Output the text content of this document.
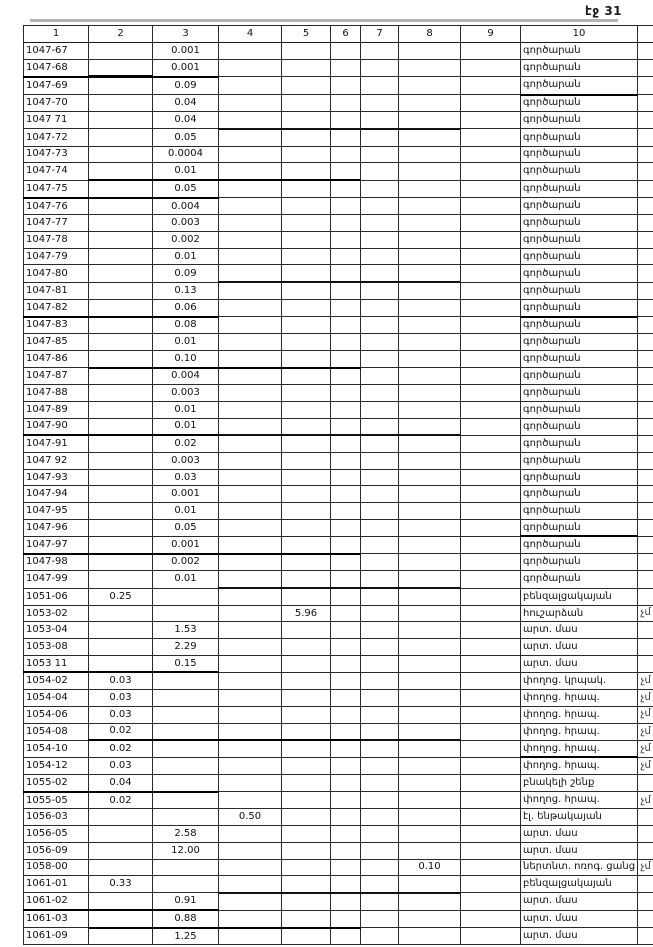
էջ 31
1	2	3	4	5	6	7	8	9	10	
1047-67		0.001							գործարան	
1047-68		0.001							գործարան	
1047-69		0.09							գործարան	
1047-70		0.04							գործարան	
1047 71		0.04							գործարան	
1047-72		0.05							գործարան	
1047-73		0.0004							գործարան	
1047-74		0.01							գործարան	
1047-75		0.05							գործարան	
1047-76		0.004							գործարան	
1047-77		0.003							գործարան	
1047-78		0.002							գործարան	
1047-79		0.01							գործարան	
1047-80		0.09							գործարան	
1047-81		0.13							գործարան	
1047-82		0.06							գործարան	
1047-83		0.08							գործարան	
1047-85		0.01							գործարան	
1047-86		0.10							գործարան	
1047-87		0.004							գործարան	
1047-88		0.003							գործարան	
1047-89		0.01							գործարան	
1047-90		0.01							գործարան	
1047-91		0.02							գործարան	
1047 92		0.003							գործարան	
1047-93		0.03							գործարան	
1047-94		0.001							գործարան	
1047-95		0.01							գործարան	
1047-96		0.05							գործարան	
1047-97		0.001							գործարան	
1047-98		0.002							գործարան	
1047-99		0.01							գործարան	
1051-06	0.25								բենզալցակայան	
1053-02				5.96					հուշարձան	չմ
1053-04		1.53							արտ. մաս	
1053-08		2.29							արտ. մաս	
1053 11		0.15							արտ. մաս	
1054-02	0.03								փողոց. կրպակ.	չմ
1054-04	0.03								փողոց. հրապ.	չմ
1054-06	0.03								փողոց. հրապ.	չմ
1054-08	0.02								փողոց. հրապ.	չմ
1054-10	0.02								փողոց. հրապ.	չմ
1054-12	0.03								փողոց. հրապ.	չմ
1055-02	0.04								բնակելի շենք	
1055-05	0.02								փողոց. հրապ.	չմ
1056-03			0.50						էլ. ենթակայան	
1056-05		2.58							արտ. մաս	
1056-09		12.00							արտ. մաս	
1058-00							0.10		ներտնտ. ոռոգ. ցանց	չմ
1061-01	0.33								բենզալցակայան	
1061-02		0.91							արտ. մաս	
1061-03		0.88							արտ. մաս	
1061-09		1.25							արտ. մաս	
